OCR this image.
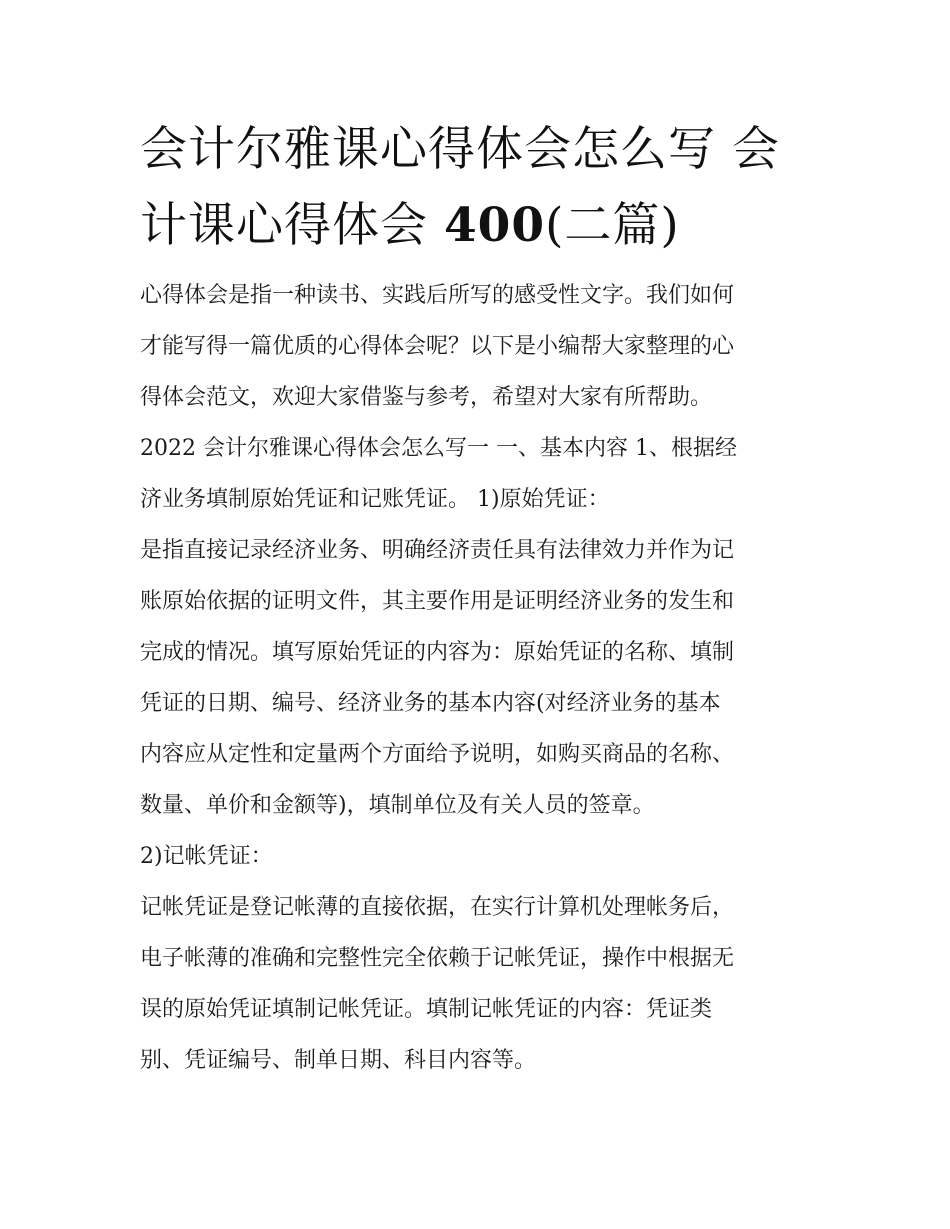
会计尔雅课心得体会怎么写 会
计课心得体会 400(二篇)
心得体会是指一种读书、实践后所写的感受性文字。我们如何
才能写得一篇优质的心得体会呢？以下是小编帮大家整理的心
得体会范文，欢迎大家借鉴与参考，希望对大家有所帮助。
2022 会计尔雅课心得体会怎么写一 一、基本内容 1、根据经
济业务填制原始凭证和记账凭证。 1)原始凭证：
是指直接记录经济业务、明确经济责任具有法律效力并作为记
账原始依据的证明文件，其主要作用是证明经济业务的发生和
完成的情况。填写原始凭证的内容为：原始凭证的名称、填制
凭证的日期、编号、经济业务的基本内容(对经济业务的基本
内容应从定性和定量两个方面给予说明，如购买商品的名称、
数量、单价和金额等)，填制单位及有关人员的签章。
2)记帐凭证：
记帐凭证是登记帐薄的直接依据，在实行计算机处理帐务后，
电子帐薄的准确和完整性完全依赖于记帐凭证，操作中根据无
误的原始凭证填制记帐凭证。填制记帐凭证的内容：凭证类
别、凭证编号、制单日期、科目内容等。
